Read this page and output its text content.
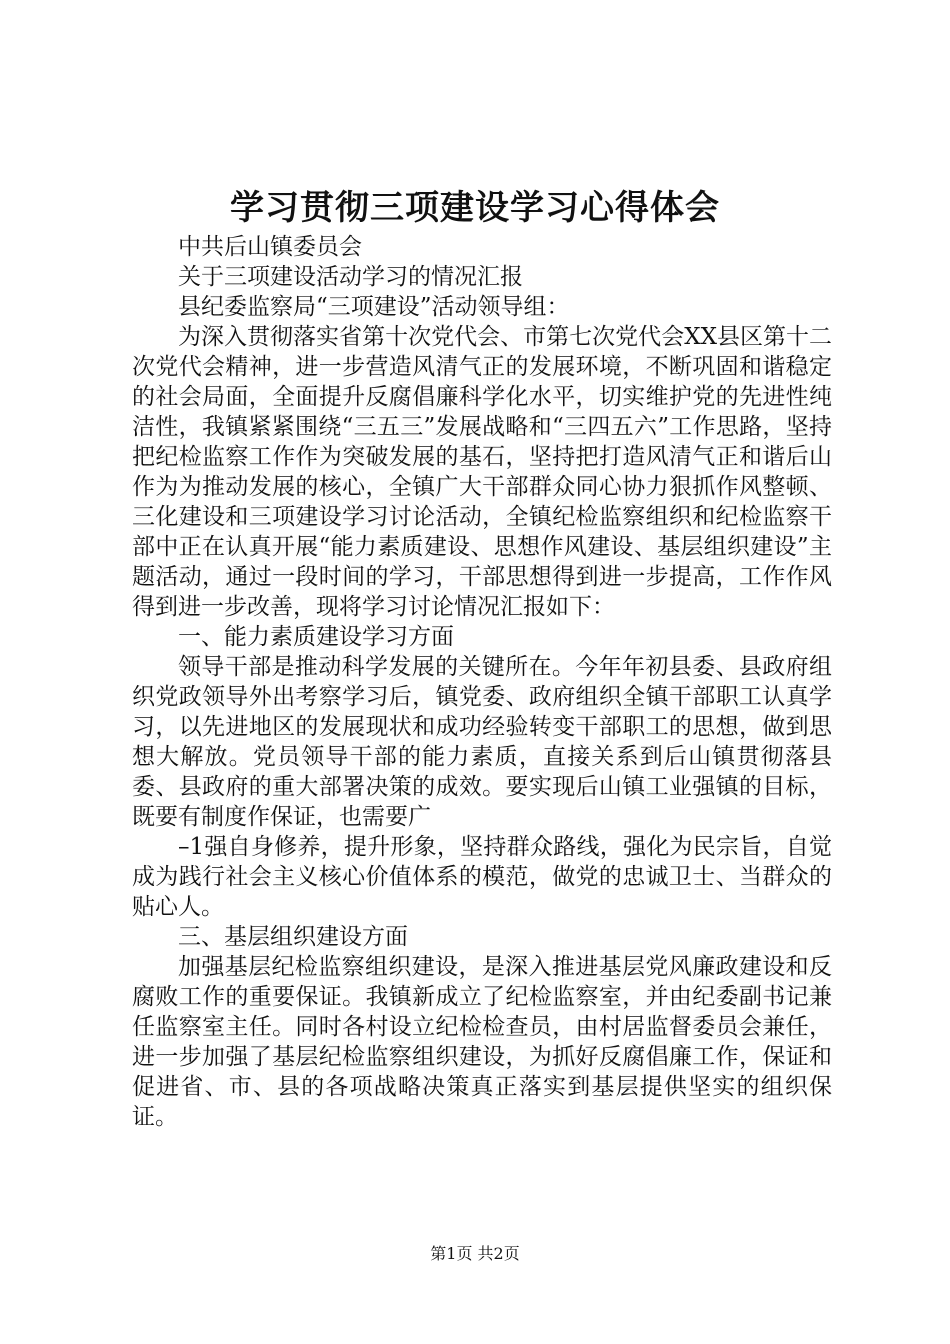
学习贯彻三项建设学习心得体会

中共后山镇委员会

关于三项建设活动学习的情况汇报

县纪委监察局“三项建设”活动领导组：

为深入贯彻落实省第十次党代会、市第七次党代会XX县区第十二次党代会精神，进一步营造风清气正的发展环境，不断巩固和谐稳定的社会局面，全面提升反腐倡廉科学化水平，切实维护党的先进性纯洁性，我镇紧紧围绕“三五三”发展战略和“三四五六”工作思路，坚持把纪检监察工作作为突破发展的基石，坚持把打造风清气正和谐后山作为为推动发展的核心，全镇广大干部群众同心协力狠抓作风整顿、三化建设和三项建设学习讨论活动，全镇纪检监察组织和纪检监察干部中正在认真开展“能力素质建设、思想作风建设、基层组织建设”主题活动，通过一段时间的学习，干部思想得到进一步提高，工作作风得到进一步改善，现将学习讨论情况汇报如下：

一、能力素质建设学习方面

领导干部是推动科学发展的关键所在。今年年初县委、县政府组织党政领导外出考察学习后，镇党委、政府组织全镇干部职工认真学习，以先进地区的发展现状和成功经验转变干部职工的思想，做到思想大解放。党员领导干部的能力素质，直接关系到后山镇贯彻落县委、县政府的重大部署决策的成效。要实现后山镇工业强镇的目标，既要有制度作保证，也需要广

–1强自身修养，提升形象，坚持群众路线，强化为民宗旨，自觉成为践行社会主义核心价值体系的模范，做党的忠诚卫士、当群众的贴心人。

三、基层组织建设方面

加强基层纪检监察组织建设，是深入推进基层党风廉政建设和反腐败工作的重要保证。我镇新成立了纪检监察室，并由纪委副书记兼任监察室主任。同时各村设立纪检检查员，由村居监督委员会兼任，进一步加强了基层纪检监察组织建设，为抓好反腐倡廉工作，保证和促进省、市、县的各项战略决策真正落实到基层提供坚实的组织保证。

第1页 共2页
